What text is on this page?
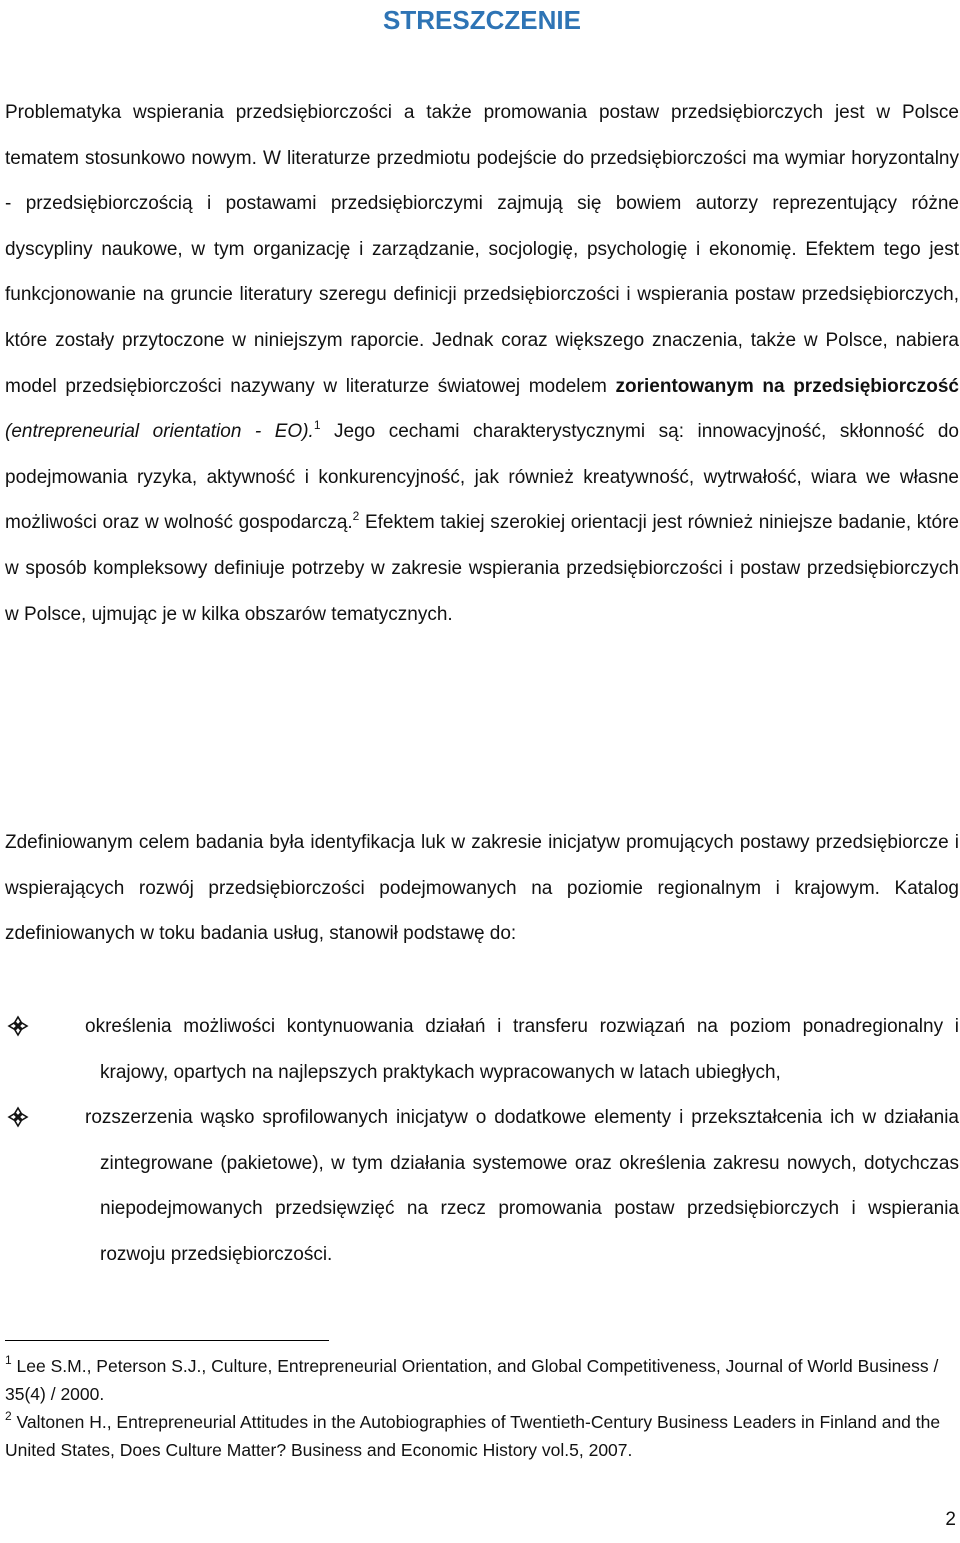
STRESZCZENIE

Problematyka wspierania przedsiębiorczości a także promowania postaw przedsiębiorczych jest w Polsce tematem stosunkowo nowym. W literaturze przedmiotu podejście do przedsiębiorczości ma wymiar horyzontalny - przedsiębiorczością i postawami przedsiębiorczymi zajmują się bowiem autorzy reprezentujący różne dyscypliny naukowe, w tym organizację i zarządzanie, socjologię, psychologię i ekonomię. Efektem tego jest funkcjonowanie na gruncie literatury szeregu definicji przedsiębiorczości i wspierania postaw przedsiębiorczych, które zostały przytoczone w niniejszym raporcie. Jednak coraz większego znaczenia, także w Polsce, nabiera model przedsiębiorczości nazywany w literaturze światowej modelem zorientowanym na przedsiębiorczość (entrepreneurial orientation - EO).$^1$ Jego cechami charakterystycznymi są: innowacyjność, skłonność do podejmowania ryzyka, aktywność i konkurencyjność, jak również kreatywność, wytrwałość, wiara we własne możliwości oraz w wolność gospodarczą.$^2$ Efektem takiej szerokiej orientacji jest również niniejsze badanie, które w sposób kompleksowy definiuje potrzeby w zakresie wspierania przedsiębiorczości i postaw przedsiębiorczych w Polsce, ujmując je w kilka obszarów tematycznych.

Zdefiniowanym celem badania była identyfikacja luk w zakresie inicjatyw promujących postawy przedsiębiorcze i wspierających rozwój przedsiębiorczości podejmowanych na poziomie regionalnym i krajowym. Katalog zdefiniowanych w toku badania usług, stanowił podstawę do:

określenia możliwości kontynuowania działań i transferu rozwiązań na poziom ponadregionalny i krajowy, opartych na najlepszych praktykach wypracowanych w latach ubiegłych,
rozszerzenia wąsko sprofilowanych inicjatyw o dodatkowe elementy i przekształcenia ich w działania zintegrowane (pakietowe), w tym działania systemowe oraz określenia zakresu nowych, dotychczas niepodejmowanych przedsięwzięć na rzecz promowania postaw przedsiębiorczych i wspierania rozwoju przedsiębiorczości.

$^1$ Lee S.M., Peterson S.J., Culture, Entrepreneurial Orientation, and Global Competitiveness, Journal of World Business / 35(4) / 2000.

$^2$ Valtonen H., Entrepreneurial Attitudes in the Autobiographies of Twentieth-Century Business Leaders in Finland and the United States, Does Culture Matter? Business and Economic History vol.5, 2007.

2
